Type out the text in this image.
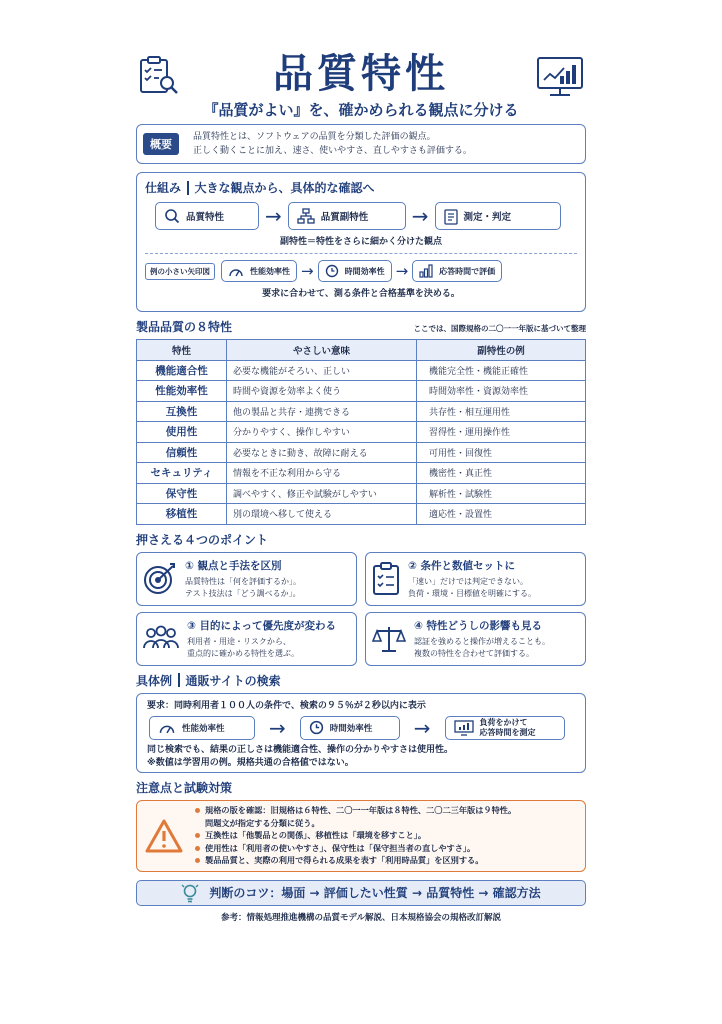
品質特性
『品質がよい』を、確かめられる観点に分ける
概要
品質特性とは、ソフトウェアの品質を分類した評価の観点。
正しく動くことに加え、速さ、使いやすさ、直しやすさも評価する。
仕組み 大きな観点から、具体的な確認へ
品質特性 →	品質副特性 →	測定・判定
副特性＝特性をさらに細かく分けた観点
例の小さい矢印図	性能効率性 →	時間効率性 →	応答時間で評価
要求に合わせて、測る条件と合格基準を決める。
製品品質の８特性	ここでは、国際規格の二〇一一年版に基づいて整理
特性	やさしい意味	副特性の例
機能適合性	必要な機能がそろい、正しい	機能完全性・機能正確性
性能効率性	時間や資源を効率よく使う	時間効率性・資源効率性
互換性	他の製品と共存・連携できる	共存性・相互運用性
使用性	分かりやすく、操作しやすい	習得性・運用操作性
信頼性	必要なときに動き、故障に耐える	可用性・回復性
セキュリティ	情報を不正な利用から守る	機密性・真正性
保守性	調べやすく、修正や試験がしやすい	解析性・試験性
移植性	別の環境へ移して使える	適応性・設置性
押さえる４つのポイント
① 観点と手法を区別
品質特性は「何を評価するか」。
テスト技法は「どう調べるか」。
② 条件と数値セットに
「速い」だけでは判定できない。
負荷・環境・目標値を明確にする。
③ 目的によって優先度が変わる
利用者・用途・リスクから、
重点的に確かめる特性を選ぶ。
④ 特性どうしの影響も見る
認証を強めると操作が増えることも。
複数の特性を合わせて評価する。
具体例 通販サイトの検索
要求：同時利用者１００人の条件で、検索の９５％が２秒以内に表示
性能効率性 →	時間効率性 →	負荷をかけて
応答時間を測定
同じ検索でも、結果の正しさは機能適合性、操作の分かりやすさは使用性。
※数値は学習用の例。規格共通の合格値ではない。
注意点と試験対策
規格の版を確認：旧規格は６特性、二〇一一年版は８特性、二〇二三年版は９特性。
問題文が指定する分類に従う。
互換性は「他製品との関係」、移植性は「環境を移すこと」。
使用性は「利用者の使いやすさ」、保守性は「保守担当者の直しやすさ」。
製品品質と、実際の利用で得られる成果を表す「利用時品質」を区別する。
判断のコツ：場面 → 評価したい性質 → 品質特性 → 確認方法
参考：情報処理推進機構の品質モデル解説、日本規格協会の規格改訂解説
